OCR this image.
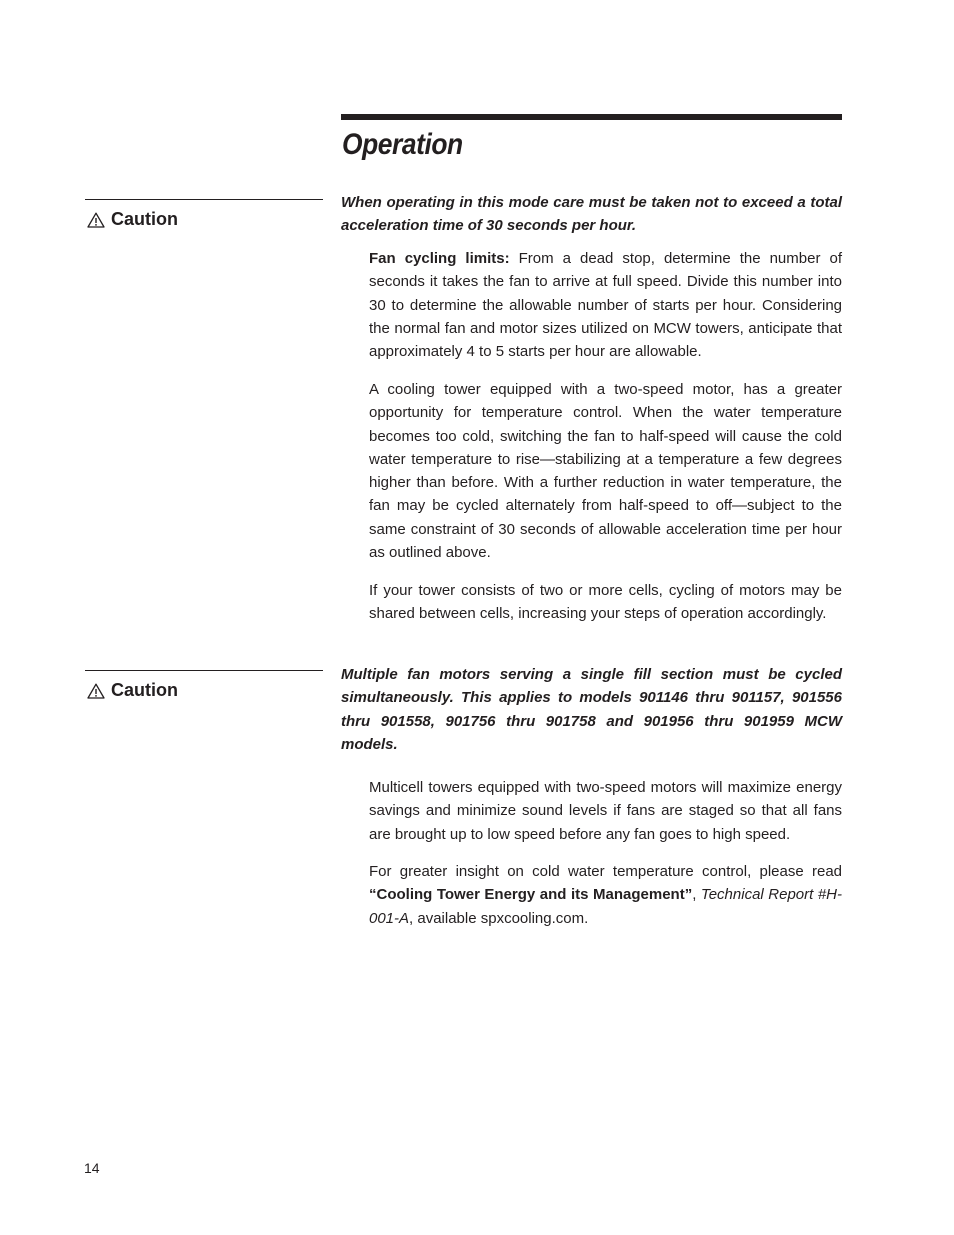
Operation
Caution

When operating in this mode care must be taken not to exceed a total acceleration time of 30 seconds per hour.

Fan cycling limits: From a dead stop, determine the number of seconds it takes the fan to arrive at full speed. Divide this number into 30 to determine the allowable number of starts per hour. Considering the normal fan and motor sizes utilized on MCW towers, anticipate that approximately 4 to 5 starts per hour are allowable.

A cooling tower equipped with a two-speed motor, has a greater opportunity for temperature control. When the water temperature becomes too cold, switching the fan to half-speed will cause the cold water temperature to rise—stabilizing at a temperature a few degrees higher than before. With a further reduction in water temperature, the fan may be cycled alternately from half-speed to off—subject to the same constraint of 30 seconds of allowable acceleration time per hour as outlined above.

If your tower consists of two or more cells, cycling of motors may be shared between cells, increasing your steps of operation accordingly.

Caution

Multiple fan motors serving a single fill section must be cycled simultaneously. This applies to models 901146 thru 901157, 901556 thru 901558, 901756 thru 901758 and 901956 thru 901959 MCW models.

Multicell towers equipped with two-speed motors will maximize energy savings and minimize sound levels if fans are staged so that all fans are brought up to low speed before any fan goes to high speed.

For greater insight on cold water temperature control, please read “Cooling Tower Energy and its Management”, Technical Report #H-001-A, available spxcooling.com.

14
